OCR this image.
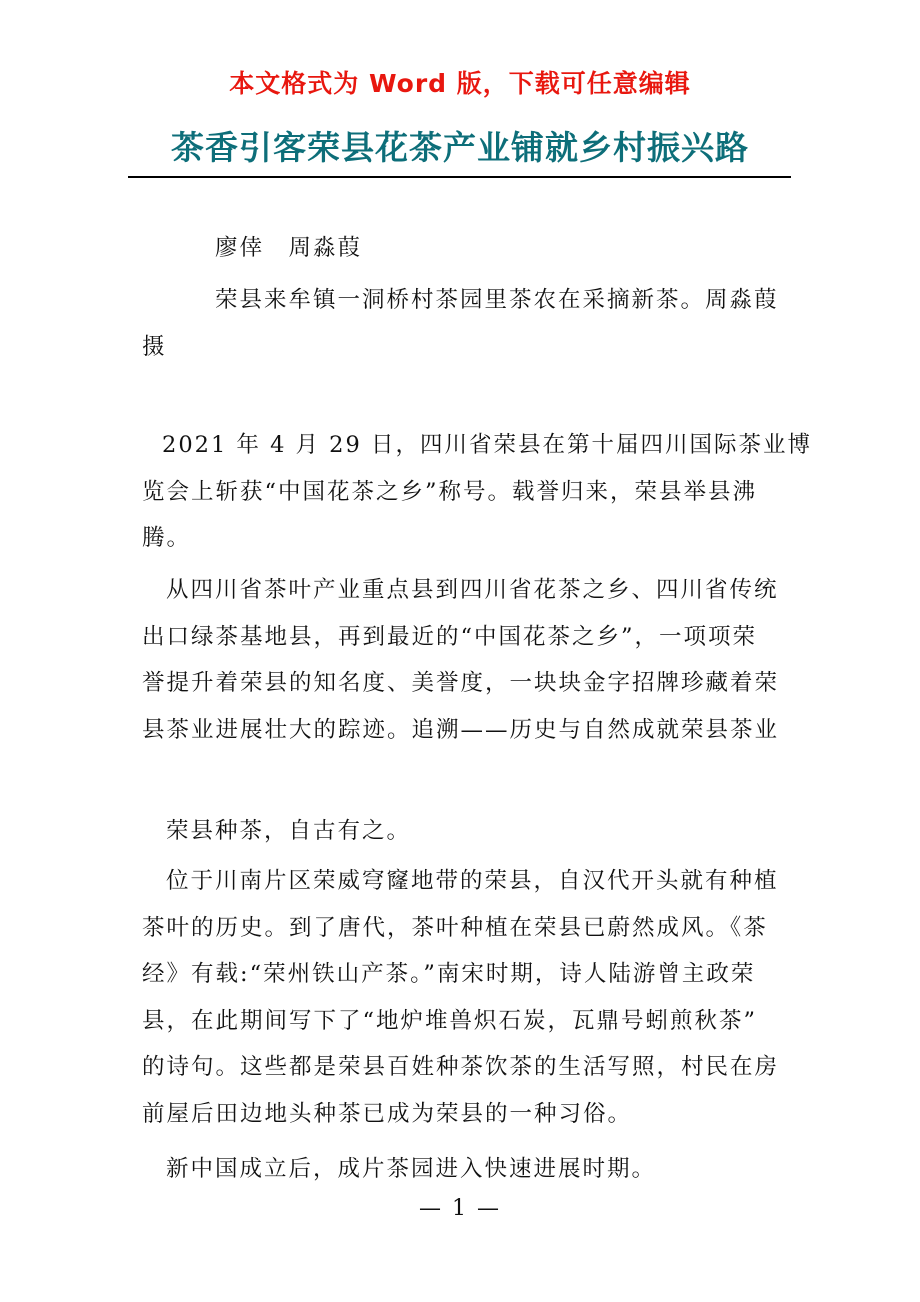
本文格式为 Word 版，下载可任意编辑
茶香引客荣县花茶产业铺就乡村振兴路
廖倖　周淼葭
荣县来牟镇一洞桥村茶园里茶农在采摘新茶。周淼葭
摄
2021 年 4 月 29 日，四川省荣县在第十届四川国际茶业博
览会上斩获“中国花茶之乡”称号。载誉归来，荣县举县沸
腾。
从四川省茶叶产业重点县到四川省花茶之乡、四川省传统
出口绿茶基地县，再到最近的“中国花茶之乡”，一项项荣
誉提升着荣县的知名度、美誉度，一块块金字招牌珍藏着荣
县茶业进展壮大的踪迹。追溯——历史与自然成就荣县茶业
荣县种茶，自古有之。
位于川南片区荣威穹窿地带的荣县，自汉代开头就有种植
茶叶的历史。到了唐代，茶叶种植在荣县已蔚然成风。《茶
经》有载:“荣州铁山产茶。”南宋时期，诗人陆游曾主政荣
县，在此期间写下了“地炉堆兽炽石炭，瓦鼎号蚓煎秋茶”
的诗句。这些都是荣县百姓种茶饮茶的生活写照，村民在房
前屋后田边地头种茶已成为荣县的一种习俗。
新中国成立后，成片茶园进入快速进展时期。
— 1 —
